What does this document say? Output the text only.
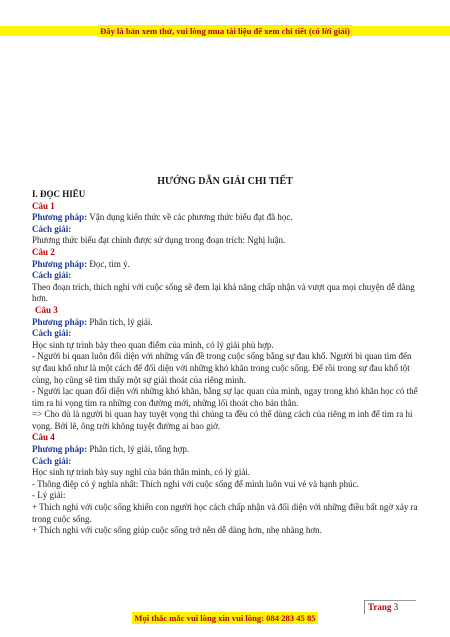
Đây là bản xem thử, vui lòng mua tài liệu để xem chi tiết (có lời giải)
HƯỚNG DẪN GIẢI CHI TIẾT

I. ĐỌC HIỂU

Câu 1

Phương pháp: Vận dụng kiến thức về các phương thức biểu đạt đã học.

Cách giải:

Phương thức biểu đạt chính được sử dụng trong đoạn trích: Nghị luận.

Câu 2

Phương pháp: Đọc, tìm ý.

Cách giải:

Theo đoạn trích, thích nghi với cuộc sống sẽ đem lại khả năng chấp nhận và vượt qua mọi chuyện dễ dàng hơn.

Câu 3

Phương pháp: Phân tích, lý giải.

Cách giải:

Học sinh tự trình bày theo quan điểm của mình, có lý giải phù hợp.

- Người bi quan luôn đối diện với những vấn đề trong cuộc sống bằng sự đau khổ. Người bi quan tìm đến sự đau khổ như là một cách để đối diện với những khó khăn trong cuộc sống. Để rồi trong sự đau khổ tột cùng, họ cũng sẽ tìm thấy một sự giải thoát của riêng mình.

- Người lạc quan đối diện với những khó khăn, bằng sự lạc quan của mình, ngay trong khó khăn học có thể tìm ra hi vọng tìm ra những con đường mới, những lối thoát cho bản thân.

=> Cho dù là người bi quan hay tuyệt vọng thì chúng ta đều có thể dùng cách của riêng m ình để tìm ra hi vọng. Bởi lẽ, ông trời không tuyệt đường ai bao giờ.

Câu 4

Phương pháp: Phân tích, lý giải, tổng hợp.

Cách giải:

Học sinh tự trình bày suy nghĩ của bản thân mình, có lý giải.

- Thông điệp có ý nghĩa nhất: Thích nghi với cuộc sống để mình luôn vui vẻ và hạnh phúc.

- Lý giải:

+ Thích nghi với cuộc sống khiến con người học cách chấp nhận và đối diện với những điều bất ngờ xảy ra trong cuộc sống.

+ Thích nghi với cuộc sống giúp cuộc sống trở nên dễ dàng hơn, nhẹ nhàng hơn.

Trang 3
Mọi thắc mắc vui lòng xin vui lòng: 084 283 45 85
